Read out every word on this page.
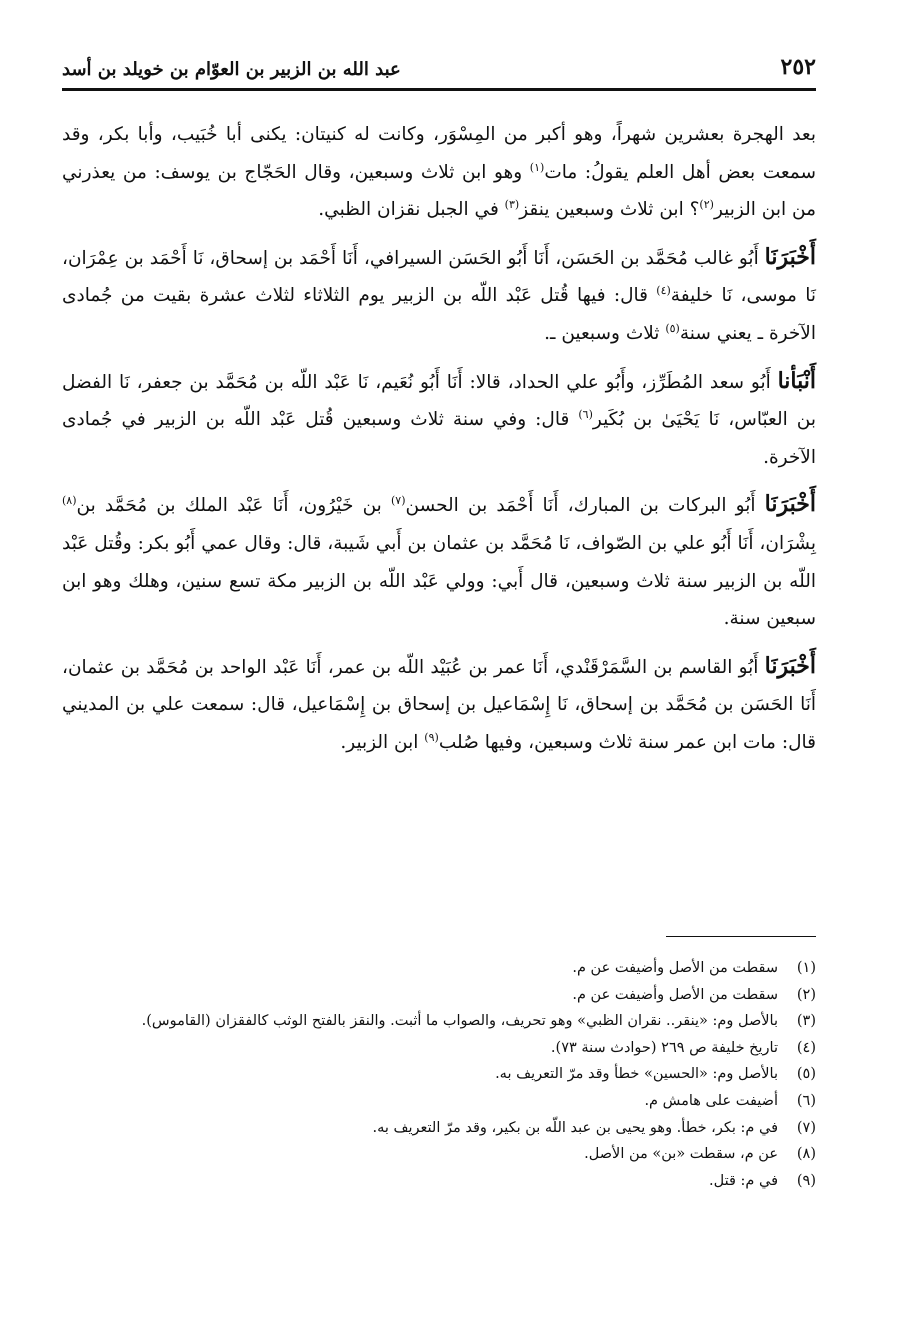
٢٥٢
عبد الله بن الزبير بن العوّام بن خويلد بن أسد

بعد الهجرة بعشرين شهراً، وهو أكبر من المِسْوَر، وكانت له كنيتان: يكنى أبا خُبَيب، وأبا بكر، وقد سمعت بعض أهل العلم يقولُ: مات$^{(١)}$ وهو ابن ثلاث وسبعين، وقال الحَجّاج بن يوسف: من يعذرني من ابن الزبير$^{(٢)}$؟ ابن ثلاث وسبعين ينقز$^{(٣)}$ في الجبل نقزان الظبي.

أَخْبَرَنَا أَبُو غالب مُحَمَّد بن الحَسَن، أَنَا أَبُو الحَسَن السيرافي، أَنَا أَحْمَد بن إسحاق، نَا أَحْمَد بن عِمْرَان، نَا موسى، نَا خليفة$^{(٤)}$ قال: فيها قُتل عَبْد اللّه بن الزبير يوم الثلاثاء لثلاث عشرة بقيت من جُمادى الآخرة ـ يعني سنة$^{(٥)}$ ثلاث وسبعين ـ.

أَنْبَأنا أَبُو سعد المُطَرِّز، وأَبُو علي الحداد، قالا: أَنَا أَبُو نُعَيم، نَا عَبْد اللّه بن مُحَمَّد بن جعفر، نَا الفضل بن العبّاس، نَا يَحْيَىٰ بن بُكَير$^{(٦)}$ قال: وفي سنة ثلاث وسبعين قُتل عَبْد اللّه بن الزبير في جُمادى الآخرة.

أَخْبَرَنَا أَبُو البركات بن المبارك، أَنَا أَحْمَد بن الحسن$^{(٧)}$ بن خَيْرُون، أَنَا عَبْد الملك بن مُحَمَّد بن$^{(٨)}$ بِشْرَان، أَنَا أَبُو علي بن الصّواف، نَا مُحَمَّد بن عثمان بن أَبي شَيبة، قال: وقال عمي أَبُو بكر: وقُتل عَبْد اللّه بن الزبير سنة ثلاث وسبعين، قال أَبي: وولي عَبْد اللّه بن الزبير مكة تسع سنين، وهلك وهو ابن سبعين سنة.

أَخْبَرَنَا أَبُو القاسم بن السَّمَرْقَنْدي، أَنَا عمر بن عُبَيْد اللّه بن عمر، أَنَا عَبْد الواحد بن مُحَمَّد بن عثمان، أَنَا الحَسَن بن مُحَمَّد بن إسحاق، نَا إِسْمَاعيل بن إسحاق بن إِسْمَاعيل، قال: سمعت علي بن المديني قال: مات ابن عمر سنة ثلاث وسبعين، وفيها صُلب$^{(٩)}$ ابن الزبير.

(١)
سقطت من الأصل وأضيفت عن م.
(٢)
سقطت من الأصل وأضيفت عن م.
(٣)
بالأصل وم: «ينقر.. نقران الظبي» وهو تحريف، والصواب ما أثبت. والنقز بالفتح الوثب كالفقزان (القاموس).
(٤)
تاريخ خليفة ص ٢٦٩ (حوادث سنة ٧٣).
(٥)
بالأصل وم: «الحسين» خطأ وقد مرّ التعريف به.
(٦)
أضيفت على هامش م.
(٧)
في م: بكر، خطأ. وهو يحيى بن عبد اللّه بن بكير، وقد مرّ التعريف به.
(٨)
عن م، سقطت «بن» من الأصل.
(٩)
في م: قتل.
